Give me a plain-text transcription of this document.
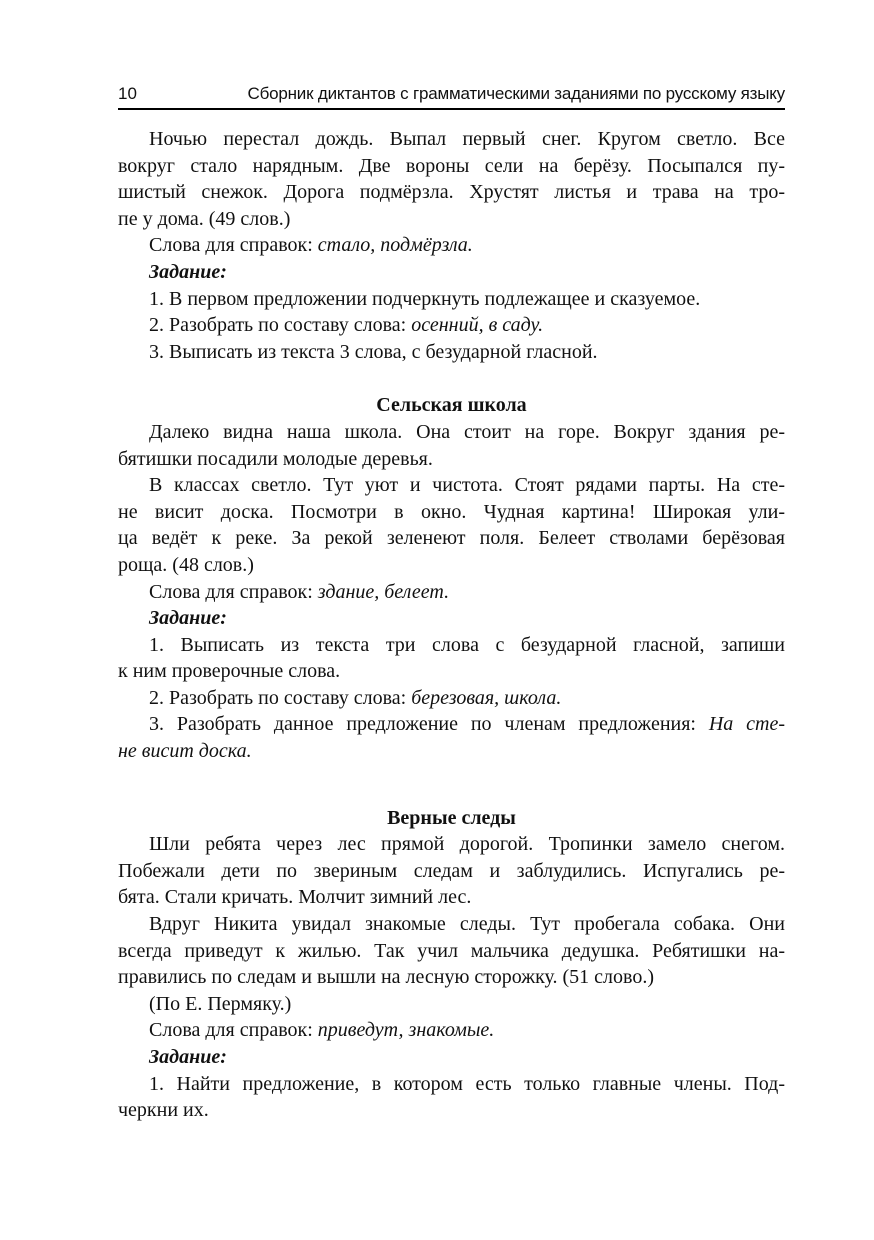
10	Сборник диктантов с грамматическими заданиями по русскому языку

Ночью перестал дождь. Выпал первый снег. Кругом светло. Все

вокруг стало нарядным. Две вороны сели на берёзу. Посыпался пу-

шистый снежок. Дорога подмёрзла. Хрустят листья и трава на тро-

пе у дома. (49 слов.)

Слова для справок: стало, подмёрзла.

Задание:

1. В первом предложении подчеркнуть подлежащее и сказуемое.

2. Разобрать по составу слова: осенний, в саду.

3. Выписать из текста 3 слова, с безударной гласной.

Сельская школа

Далеко видна наша школа. Она стоит на горе. Вокруг здания ре-

бятишки посадили молодые деревья.

В классах светло. Тут уют и чистота. Стоят рядами парты. На сте-

не висит доска. Посмотри в окно. Чудная картина! Широкая ули-

ца ведёт к реке. За рекой зеленеют поля. Белеет стволами берёзовая

роща. (48 слов.)

Слова для справок: здание, белеет.

Задание:

1. Выписать из текста три слова с безударной гласной, запиши

к ним проверочные слова.

2. Разобрать по составу слова: березовая, школа.

3. Разобрать данное предложение по членам предложения: На сте-

не висит доска.

Верные следы

Шли ребята через лес прямой дорогой. Тропинки замело снегом.

Побежали дети по звериным следам и заблудились. Испугались ре-

бята. Стали кричать. Молчит зимний лес.

Вдруг Никита увидал знакомые следы. Тут пробегала собака. Они

всегда приведут к жилью. Так учил мальчика дедушка. Ребятишки на-

правились по следам и вышли на лесную сторожку. (51 слово.)

(По Е. Пермяку.)

Слова для справок: приведут, знакомые.

Задание:

1. Найти предложение, в котором есть только главные члены. Под-

черкни их.
